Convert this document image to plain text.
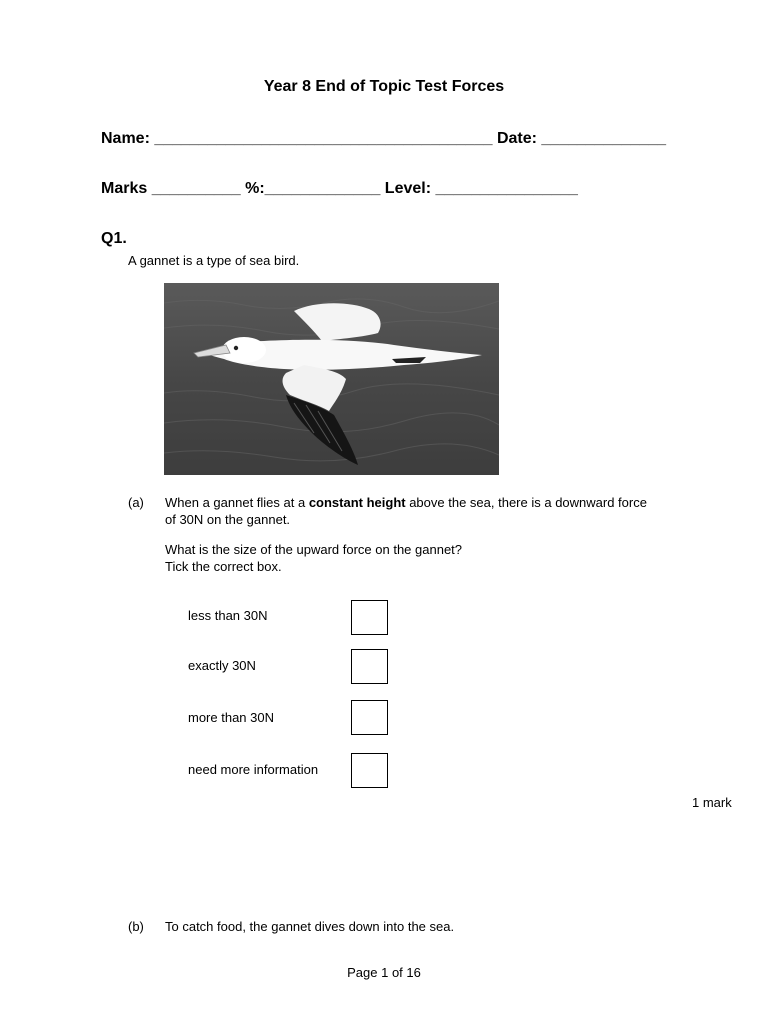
Year 8 End of Topic Test Forces
Name: ______________________________________ Date: ______________
Marks __________ %:_____________ Level: ________________
Q1.
A gannet is a type of sea bird.
(a) When a gannet flies at a constant height above the sea, there is a downward force
of 30N on the gannet.
What is the size of the upward force on the gannet?
Tick the correct box.
less than 30N
exactly 30N
more than 30N
need more information
1 mark
(b) To catch food, the gannet dives down into the sea.
Page 1 of 16
